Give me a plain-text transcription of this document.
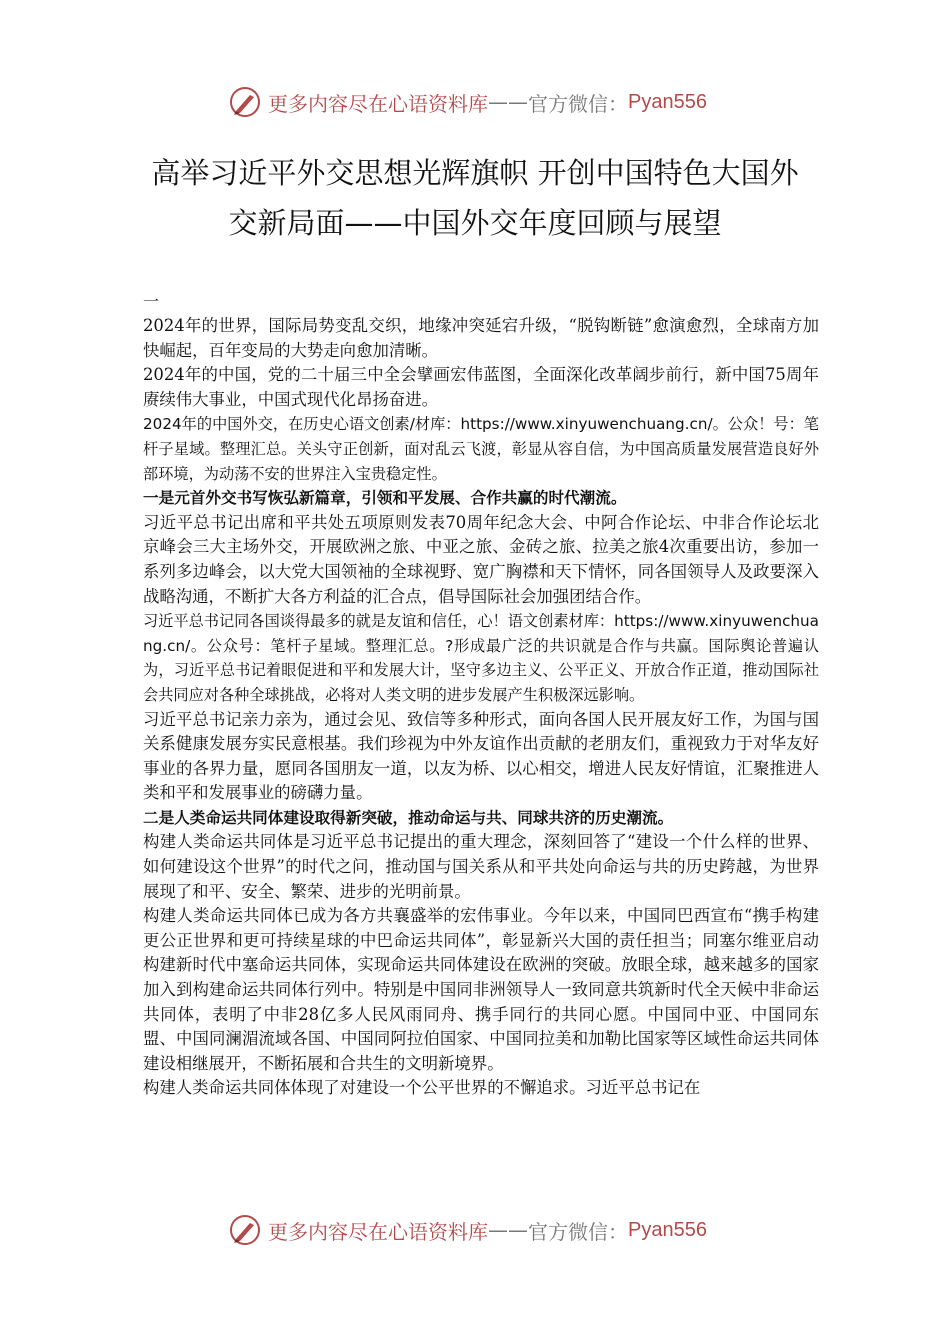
更多内容尽在心语资料库 —— 官方微信： Pyan556
高举习近平外交思想光辉旗帜 开创中国特色大国外
交新局面——中国外交年度回顾与展望

一

2024年的世界，国际局势变乱交织，地缘冲突延宕升级，“脱钩断链”愈演愈烈，全球南方加快崛起，百年变局的大势走向愈加清晰。

2024年的中国，党的二十届三中全会擘画宏伟蓝图，全面深化改革阔步前行，新中国75周年赓续伟大事业，中国式现代化昂扬奋进。

2024年的中国外交，在历史心语文创素/材库：https://www.xinyuwenchuang.cn/。公众！号：笔杆子星域。整理汇总。关头守正创新，面对乱云飞渡，彰显从容自信，为中国高质量发展营造良好外部环境，为动荡不安的世界注入宝贵稳定性。

一是元首外交书写恢弘新篇章，引领和平发展、合作共赢的时代潮流。

习近平总书记出席和平共处五项原则发表70周年纪念大会、中阿合作论坛、中非合作论坛北京峰会三大主场外交，开展欧洲之旅、中亚之旅、金砖之旅、拉美之旅4次重要出访，参加一系列多边峰会，以大党大国领袖的全球视野、宽广胸襟和天下情怀，同各国领导人及政要深入战略沟通，不断扩大各方利益的汇合点，倡导国际社会加强团结合作。

习近平总书记同各国谈得最多的就是友谊和信任，心！语文创素材库：https://www.xinyuwenchuang.cn/。公众号：笔杆子星域。整理汇总。?形成最广泛的共识就是合作与共赢。国际舆论普遍认为，习近平总书记着眼促进和平和发展大计，坚守多边主义、公平正义、开放合作正道，推动国际社会共同应对各种全球挑战，必将对人类文明的进步发展产生积极深远影响。

习近平总书记亲力亲为，通过会见、致信等多种形式，面向各国人民开展友好工作，为国与国关系健康发展夯实民意根基。我们珍视为中外友谊作出贡献的老朋友们，重视致力于对华友好事业的各界力量，愿同各国朋友一道，以友为桥、以心相交，增进人民友好情谊，汇聚推进人类和平和发展事业的磅礴力量。

二是人类命运共同体建设取得新突破，推动命运与共、同球共济的历史潮流。

构建人类命运共同体是习近平总书记提出的重大理念，深刻回答了“建设一个什么样的世界、如何建设这个世界”的时代之问，推动国与国关系从和平共处向命运与共的历史跨越，为世界展现了和平、安全、繁荣、进步的光明前景。

构建人类命运共同体已成为各方共襄盛举的宏伟事业。今年以来，中国同巴西宣布“携手构建更公正世界和更可持续星球的中巴命运共同体”，彰显新兴大国的责任担当；同塞尔维亚启动构建新时代中塞命运共同体，实现命运共同体建设在欧洲的突破。放眼全球，越来越多的国家加入到构建命运共同体行列中。特别是中国同非洲领导人一致同意共筑新时代全天候中非命运共同体，表明了中非28亿多人民风雨同舟、携手同行的共同心愿。中国同中亚、中国同东盟、中国同澜湄流域各国、中国同阿拉伯国家、中国同拉美和加勒比国家等区域性命运共同体建设相继展开，不断拓展和合共生的文明新境界。

构建人类命运共同体体现了对建设一个公平世界的不懈追求。习近平总书记在

更多内容尽在心语资料库 —— 官方微信： Pyan556
